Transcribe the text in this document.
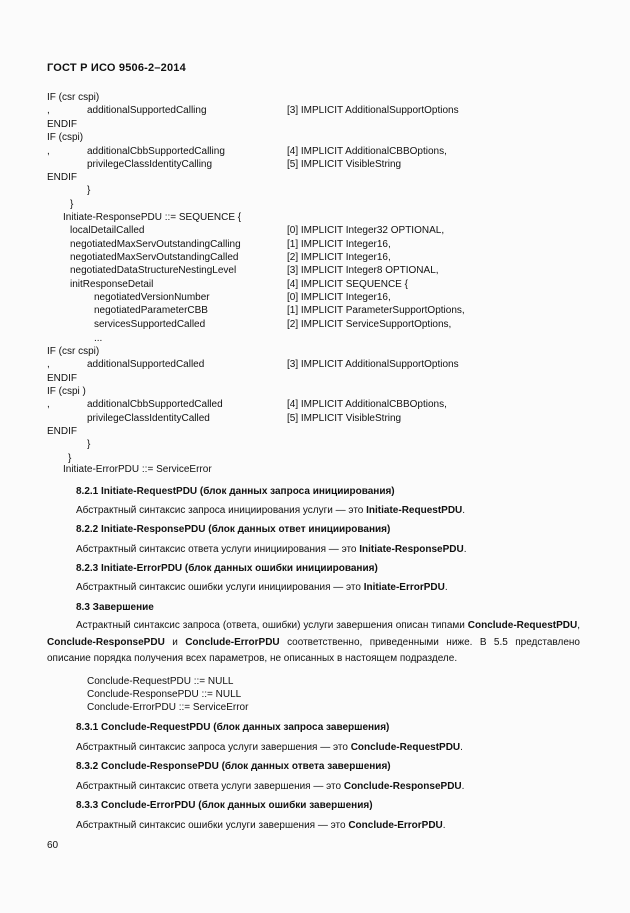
ГОСТ Р ИСО 9506-2–2014
IF (csr cspi)
,	additionalSupportedCalling	[3] IMPLICIT AdditionalSupportOptions
ENDIF
IF (cspi)
,	additionalCbbSupportedCalling	[4] IMPLICIT AdditionalCBBOptions,
privilegeClassIdentityCalling	[5] IMPLICIT VisibleString
ENDIF
}
}
Initiate-ResponsePDU ::= SEQUENCE {
localDetailCalled	[0] IMPLICIT Integer32 OPTIONAL,
negotiatedMaxServOutstandingCalling	[1] IMPLICIT Integer16,
negotiatedMaxServOutstandingCalled	[2] IMPLICIT Integer16,
negotiatedDataStructureNestingLevel	[3] IMPLICIT Integer8 OPTIONAL,
initResponseDetail	[4] IMPLICIT SEQUENCE {
negotiatedVersionNumber	[0] IMPLICIT Integer16,
negotiatedParameterCBB	[1] IMPLICIT ParameterSupportOptions,
servicesSupportedCalled	[2] IMPLICIT ServiceSupportOptions,
...
IF (csr cspi)
,	additionalSupportedCalled	[3] IMPLICIT AdditionalSupportOptions
ENDIF
IF (cspi )
,	additionalCbbSupportedCalled	[4] IMPLICIT AdditionalCBBOptions,
privilegeClassIdentityCalled	[5] IMPLICIT VisibleString
ENDIF
}
}
Initiate-ErrorPDU ::= ServiceError
8.2.1 Initiate-RequestPDU (блок данных запроса инициирования)
Абстрактный синтаксис запроса инициирования услуги — это Initiate-RequestPDU.
8.2.2 Initiate-ResponsePDU (блок данных ответ инициирования)
Абстрактный синтаксис ответа услуги инициирования — это Initiate-ResponsePDU.
8.2.3 Initiate-ErrorPDU (блок данных ошибки инициирования)
Абстрактный синтаксис ошибки услуги инициирования — это Initiate-ErrorPDU.
8.3 Завершение
Астрактный синтаксис запроса (ответа, ошибки) услуги завершения описан типами Conclude-RequestPDU, Conclude-ResponsePDU и Conclude-ErrorPDU соответственно, приведенными ниже. В 5.5 представлено описание порядка получения всех параметров, не описанных в настоящем подразделе.
Conclude-RequestPDU ::= NULL
Conclude-ResponsePDU ::= NULL
Conclude-ErrorPDU ::= ServiceError
8.3.1 Conclude-RequestPDU (блок данных запроса завершения)
Абстрактный синтаксис запроса услуги завершения — это Conclude-RequestPDU.
8.3.2 Conclude-ResponsePDU (блок данных ответа завершения)
Абстрактный синтаксис ответа услуги завершения — это Conclude-ResponsePDU.
8.3.3 Conclude-ErrorPDU (блок данных ошибки завершения)
Абстрактный синтаксис ошибки услуги завершения — это Conclude-ErrorPDU.
60
